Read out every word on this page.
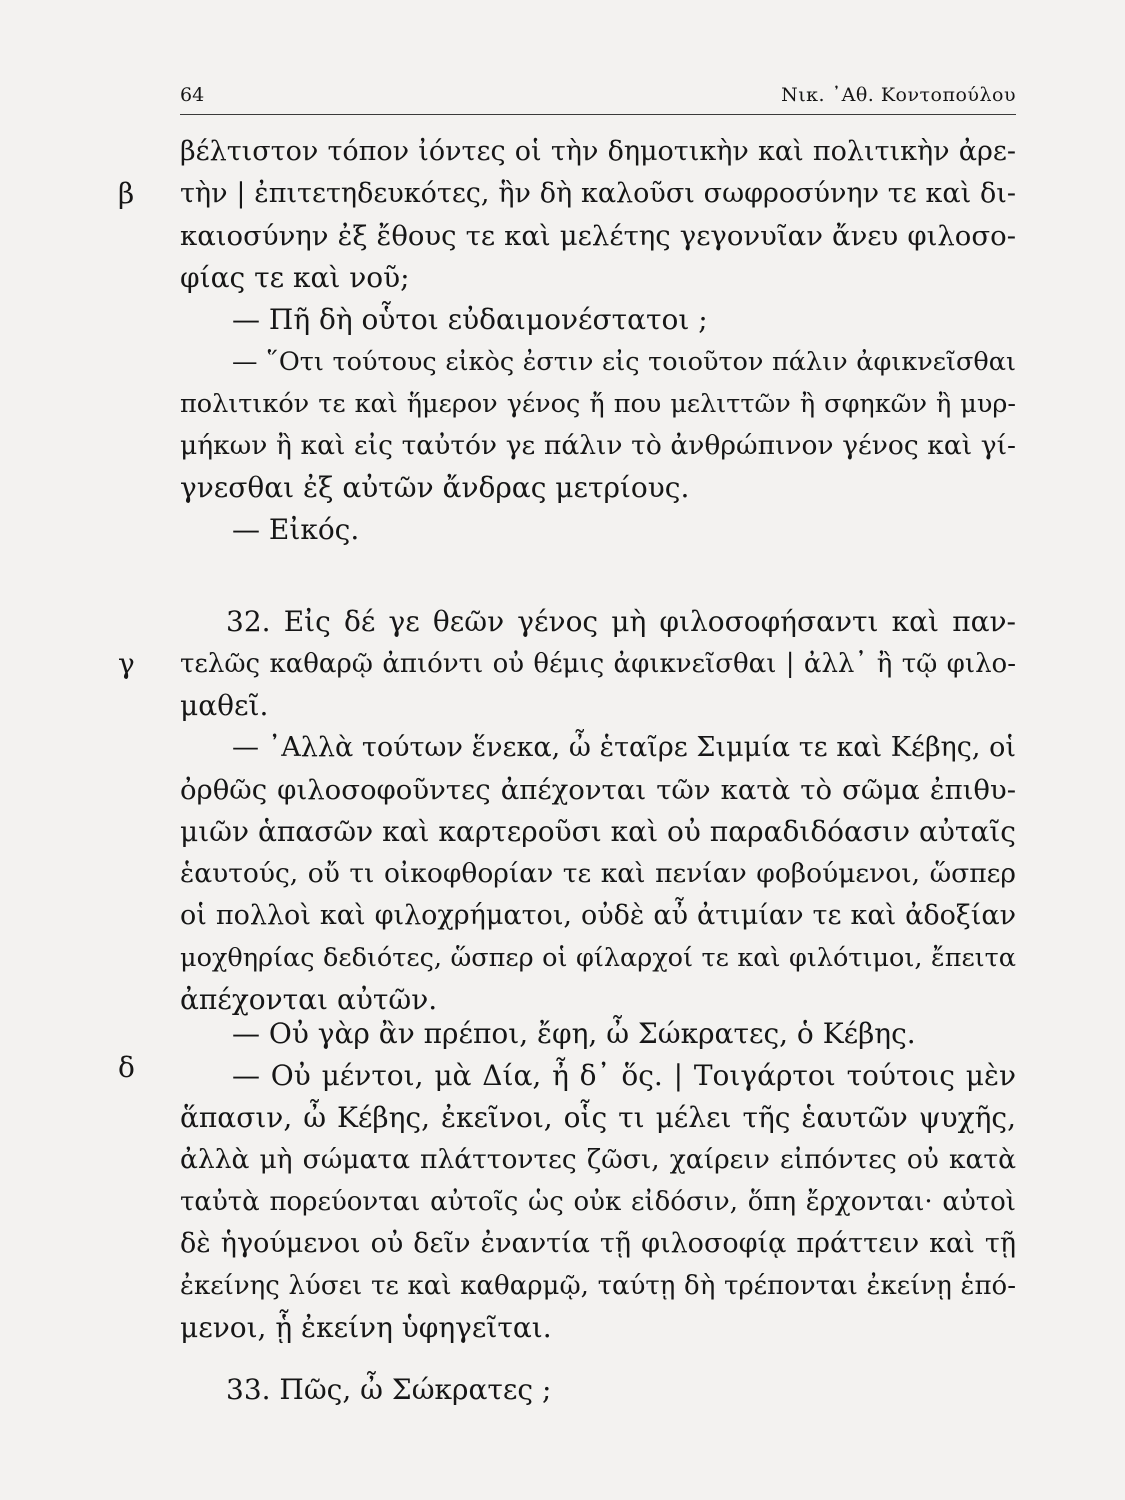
64	Νικ. ᾿Αθ. Κοντοπούλου
β
γ
δ
βέλτιστον τόπον ἰόντες οἱ τὴν δημοτικὴν καὶ πολιτικὴν ἀρε-
τὴν | ἐπιτετηδευκότες, ἣν δὴ καλοῦσι σωφροσύνην τε καὶ δι-
καιοσύνην ἐξ ἔθους τε καὶ μελέτης γεγονυῖαν ἄνευ φιλοσο-
φίας τε καὶ νοῦ;
— Πῆ δὴ οὗτοι εὐδαιμονέστατοι ;
— ῞Οτι τούτους εἰκὸς ἐστιν εἰς τοιοῦτον πάλιν ἀφικνεῖσθαι
πολιτικόν τε καὶ ἥμερον γένος ἤ που μελιττῶν ἢ σφηκῶν ἢ μυρ-
μήκων ἢ καὶ εἰς ταὐτόν γε πάλιν τὸ ἀνθρώπινον γένος καὶ γί-
γνεσθαι ἐξ αὐτῶν ἄνδρας μετρίους.
— Εἰκός.
32. Εἰς δέ γε θεῶν γένος μὴ φιλοσοφήσαντι καὶ παν-
τελῶς καθαρῷ ἀπιόντι οὐ θέμις ἀφικνεῖσθαι | ἀλλ᾿ ἢ τῷ φιλο-
μαθεῖ.
— ᾿Αλλὰ τούτων ἕνεκα, ὦ ἑταῖρε Σιμμία τε καὶ Κέβης, οἱ
ὀρθῶς φιλοσοφοῦντες ἀπέχονται τῶν κατὰ τὸ σῶμα ἐπιθυ-
μιῶν ἁπασῶν καὶ καρτεροῦσι καὶ οὐ παραδιδόασιν αὐταῖς
ἑαυτούς, οὔ τι οἰκοφθορίαν τε καὶ πενίαν φοβούμενοι, ὥσπερ
οἱ πολλοὶ καὶ φιλοχρήματοι, οὐδὲ αὖ ἀτιμίαν τε καὶ ἀδοξίαν
μοχθηρίας δεδιότες, ὥσπερ οἱ φίλαρχοί τε καὶ φιλότιμοι, ἔπειτα
ἀπέχονται αὐτῶν.
— Οὐ γὰρ ἂν πρέποι, ἔφη, ὦ Σώκρατες, ὁ Κέβης.
— Οὐ μέντοι, μὰ Δία, ἦ δ᾿ ὅς. | Τοιγάρτοι τούτοις μὲν
ἅπασιν, ὦ Κέβης, ἐκεῖνοι, οἷς τι μέλει τῆς ἑαυτῶν ψυχῆς,
ἀλλὰ μὴ σώματα πλάττοντες ζῶσι, χαίρειν εἰπόντες οὐ κατὰ
ταὐτὰ πορεύονται αὐτοῖς ὡς οὐκ εἰδόσιν, ὅπη ἔρχονται· αὐτοὶ
δὲ ἡγούμενοι οὐ δεῖν ἐναντία τῇ φιλοσοφίᾳ πράττειν καὶ τῇ
ἐκείνης λύσει τε καὶ καθαρμῷ, ταύτῃ δὴ τρέπονται ἐκείνῃ ἑπό-
μενοι, ᾗ ἐκείνη ὑφηγεῖται.
33. Πῶς, ὦ Σώκρατες ;
